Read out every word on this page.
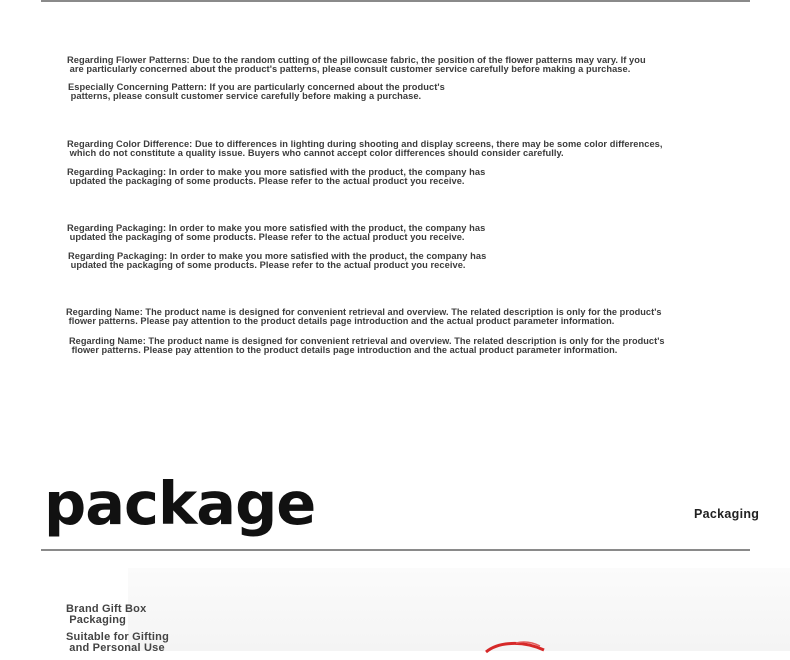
Regarding Flower Patterns: Due to the random cutting of the pillowcase fabric, the position of the flower patterns may vary. If you
are particularly concerned about the product's patterns, please consult customer service carefully before making a purchase.

Especially Concerning Pattern: If you are particularly concerned about the product's
patterns, please consult customer service carefully before making a purchase.

Regarding Color Difference: Due to differences in lighting during shooting and display screens, there may be some color differences,
which do not constitute a quality issue. Buyers who cannot accept color differences should consider carefully.

Regarding Packaging: In order to make you more satisfied with the product, the company has
updated the packaging of some products. Please refer to the actual product you receive.

Regarding Packaging: In order to make you more satisfied with the product, the company has
updated the packaging of some products. Please refer to the actual product you receive.

Regarding Packaging: In order to make you more satisfied with the product, the company has
updated the packaging of some products. Please refer to the actual product you receive.

Regarding Name: The product name is designed for convenient retrieval and overview. The related description is only for the product's
flower patterns. Please pay attention to the product details page introduction and the actual product parameter information.

Regarding Name: The product name is designed for convenient retrieval and overview. The related description is only for the product's
flower patterns. Please pay attention to the product details page introduction and the actual product parameter information.

package	Packaging

Brand Gift Box
Packaging

Suitable for Gifting
and Personal Use
